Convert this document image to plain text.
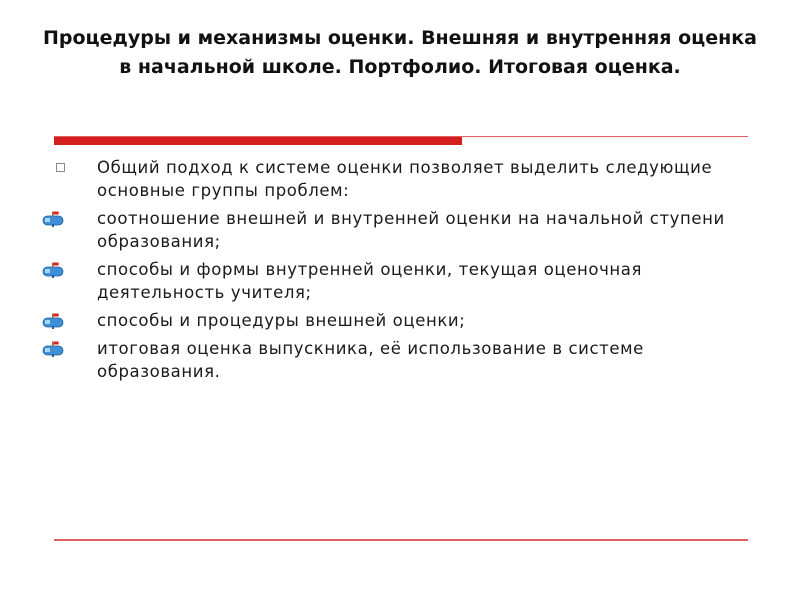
Процедуры и механизмы оценки. Внешняя и внутренняя оценка в начальной школе. Портфолио. Итоговая оценка.
Общий подход к системе оценки позволяет выделить следующие основные группы проблем:
соотношение внешней и внутренней оценки на начальной ступени образования;
способы и формы внутренней оценки, текущая оценочная деятельность учителя;
способы и процедуры внешней оценки;
итоговая оценка выпускника, её использование в системе образования.
